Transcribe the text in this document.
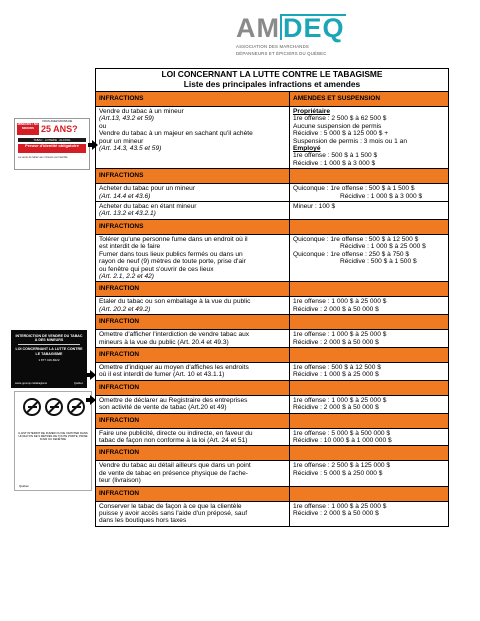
AM DEQ
ASSOCIATION DES MARCHANDS
DÉPANNEURS ET ÉPICIERS DU QUÉBEC
LOI CONCERNANT LA LUTTE CONTRE LE TABAGISME
Liste des principales infractions et amendes
INFRACTIONS	AMENDES ET SUSPENSION
Vendre du tabac à un mineur
(Art.13, 43.2 et 59)
ou
Vendre du tabac à un majeur en sachant qu'il achète
pour un mineur
(Art. 14.3, 43.5 et 59)
Propriétaire
1re offense : 2 500 $ à 62 500 $
Aucune suspension de permis
Récidive : 5 000 $ à 125 000 $ +
Suspension de permis : 3 mois ou 1 an
Employé
1re offense : 500 $ à 1 500 $
Récidive : 1 000 $ à 3 000 $
INFRACTIONS
Acheter du tabac pour un mineur
(Art. 14.4 et 43.6)
Quiconque : 1re offense : 500 $ à 1 500 $
Récidive : 1 000 $ à 3 000 $
Acheter du tabac en étant mineur
(Art. 13.2 et 43.2.1)
Mineur : 100 $
INFRACTIONS
Tolérer qu'une personne fume dans un endroit où il
est interdit de le faire
Fumer dans tous lieux publics fermés ou dans un
rayon de neuf (9) mètres de toute porte, prise d'air
ou fenêtre qui peut s'ouvrir de ces lieux
(Art. 2.1, 2.2 et 42)
Quiconque : 1re offense : 500 $ à 12 500 $
Récidive : 1 000 $ à 25 000 $
Quiconque : 1re offense : 250 $ à 750 $
Récidive : 500 $ à 1 500 $
INFRACTION
Etaler du tabac ou son emballage à la vue du public
(Art. 20.2 et 49.2)
1re offense : 1 000 $ à 25 000 $
Récidive : 2 000 $ à 50 000 $
INFRACTION
Omettre d'afficher l'interdiction de vendre tabac aux
mineurs à la vue du public (Art. 20.4 et 49.3)
1re offense : 1 000 $ à 25 000 $
Récidive : 2 000 $ à 50 000 $
INFRACTION
Omettre d'indiquer au moyen d'affiches les endroits
où il est interdit de fumer (Art. 10 et 43.1.1)
1re offense : 500 $ à 12 500 $
Récidive : 1 000 $ à 25 000 $
INFRACTION
Omettre de déclarer au Registraire des entreprises
son activité de vente de tabac (Art.20 et 49)
1re offense : 1 000 $ à 25 000 $
Récidive : 2 000 $ à 50 000 $
INFRACTION
Faire une publicité, directe ou indirecte, en faveur du
tabac de façon non conforme à la loi (Art. 24 et 51)
1re offense : 5 000 $ à 500 000 $
Récidive : 10 000 $ à 1 000 000 $
INFRACTION
Vendre du tabac au détail ailleurs que dans un point
de vente de tabac en présence physique de l'ache-
teur (livraison)
1re offense : 2 500 $ à 125 000 $
Récidive : 5 000 $ à 250 000 $
INFRACTION
Conserver le tabac de façon à ce que la clientèle
puisse y avoir accès sans l'aide d'un préposé, sauf
dans les boutiques hors taxes
1re offense : 1 000 $ à 25 000 $
Récidive : 2 000 $ à 50 000 $
MINEURS / NO MINORS
VOUS AVEZ MOINS DE
25 ANS?
TABAC · LOTERIE · ALCOOL
Preuve d'identité obligatoire
La vente de tabac aux mineurs est interdite.
INTERDICTION DE VENDRE DU TABAC À DES MINEURS
LOI CONCERNANT LA LUTTE CONTRE LE TABAGISME
1 877 416-8222
sante.gouv.qc.ca/tabagisme	Québec
IL EST INTERDIT DE FUMER OU DE VAPOTER DANS UN RAYON DE 9 MÈTRES DE TOUTE PORTE, PRISE D'AIR OU FENÊTRE
Québec
